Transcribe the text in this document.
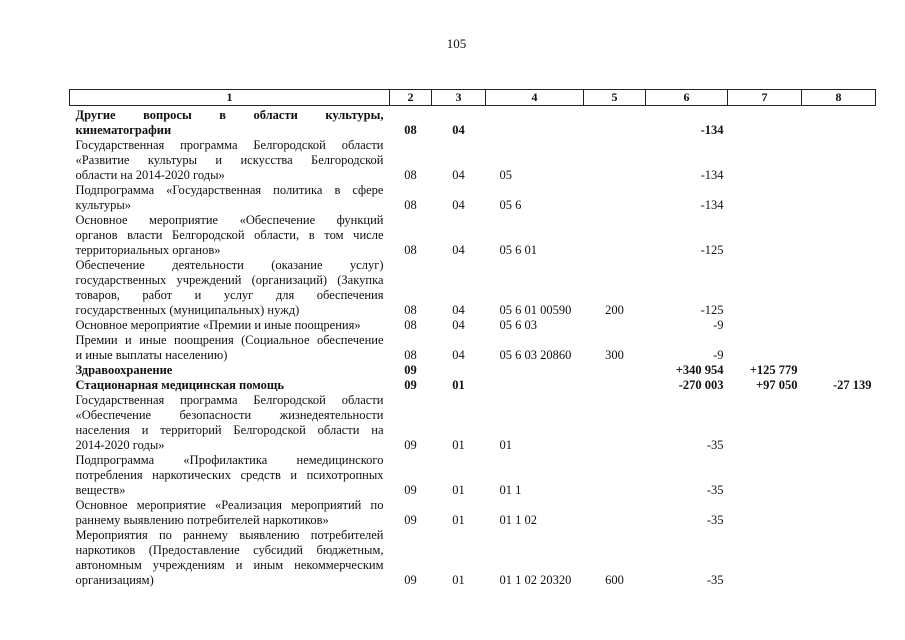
105
1	2	3	4	5	6	7	8

Другие вопросы в области культуры,
кинематографии	08	04			-134		

Государственная программа Белгородской области
«Развитие культуры и искусства Белгородской
области на 2014-2020 годы»	08	04	05		-134		

Подпрограмма «Государственная политика в сфере
культуры»	08	04	05 6		-134		

Основное мероприятие «Обеспечение функций
органов власти Белгородской области, в том числе
территориальных органов»	08	04	05 6 01		-125		

Обеспечение деятельности (оказание услуг)
государственных учреждений (организаций) (Закупка
товаров, работ и услуг для обеспечения
государственных (муниципальных) нужд)	08	04	05 6 01 00590	200	-125		

Основное мероприятие «Премии и иные поощрения»	08	04	05 6 03		-9		

Премии и иные поощрения (Социальное обеспечение
и иные выплаты населению)	08	04	05 6 03 20860	300	-9		

Здравоохранение	09				+340 954	+125 779	

Стационарная медицинская помощь	09	01			-270 003	+97 050	-27 139

Государственная программа Белгородской области
«Обеспечение безопасности жизнедеятельности
населения и территорий Белгородской области на
2014-2020 годы»	09	01	01		-35		

Подпрограмма «Профилактика немедицинского
потребления наркотических средств и психотропных
веществ»	09	01	01 1		-35		

Основное мероприятие «Реализация мероприятий по
раннему выявлению потребителей наркотиков»	09	01	01 1 02		-35		

Мероприятия по раннему выявлению потребителей
наркотиков (Предоставление субсидий бюджетным,
автономным учреждениям и иным некоммерческим
организациям)	09	01	01 1 02 20320	600	-35		
